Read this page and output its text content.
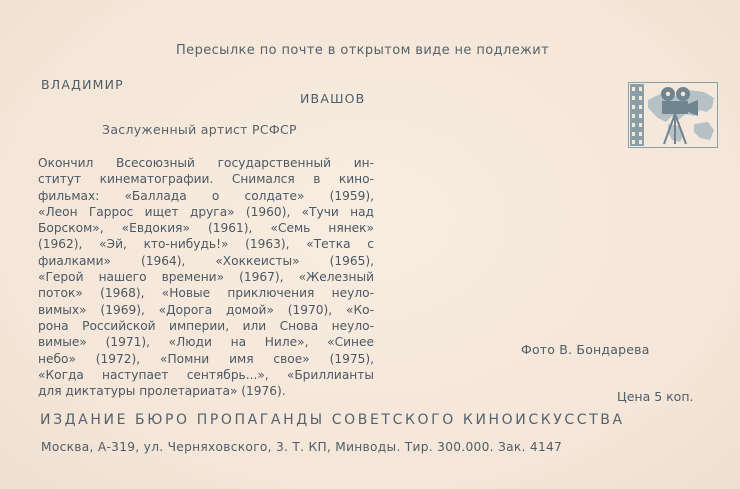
Пересылке по почте в открытом виде не подлежит
ВЛАДИМИР
ИВАШОВ
Заслуженный артист РСФСР
Окончил Всесоюзный государственный ин-
ститут кинематографии. Снимался в кино-
фильмах: «Баллада о солдате» (1959),
«Леон Гаррос ищет друга» (1960), «Тучи над
Борском», «Евдокия» (1961), «Семь нянек»
(1962), «Эй, кто-нибудь!» (1963), «Тетка с
фиалками» (1964), «Хоккеисты» (1965),
«Герой нашего времени» (1967), «Железный
поток» (1968), «Новые приключения неуло-
вимых» (1969), «Дорога домой» (1970), «Ко-
рона Российской империи, или Снова неуло-
вимые» (1971), «Люди на Ниле», «Синее
небо» (1972), «Помни имя свое» (1975),
«Когда наступает сентябрь...», «Бриллианты
для диктатуры пролетариата» (1976).
Фото В. Бондарева
Цена 5 коп.
ИЗДАНИЕ БЮРО ПРОПАГАНДЫ СОВЕТСКОГО КИНОИСКУССТВА
Москва, А-319, ул. Черняховского, 3. Т. КП, Минводы. Тир. 300.000. Зак. 4147
